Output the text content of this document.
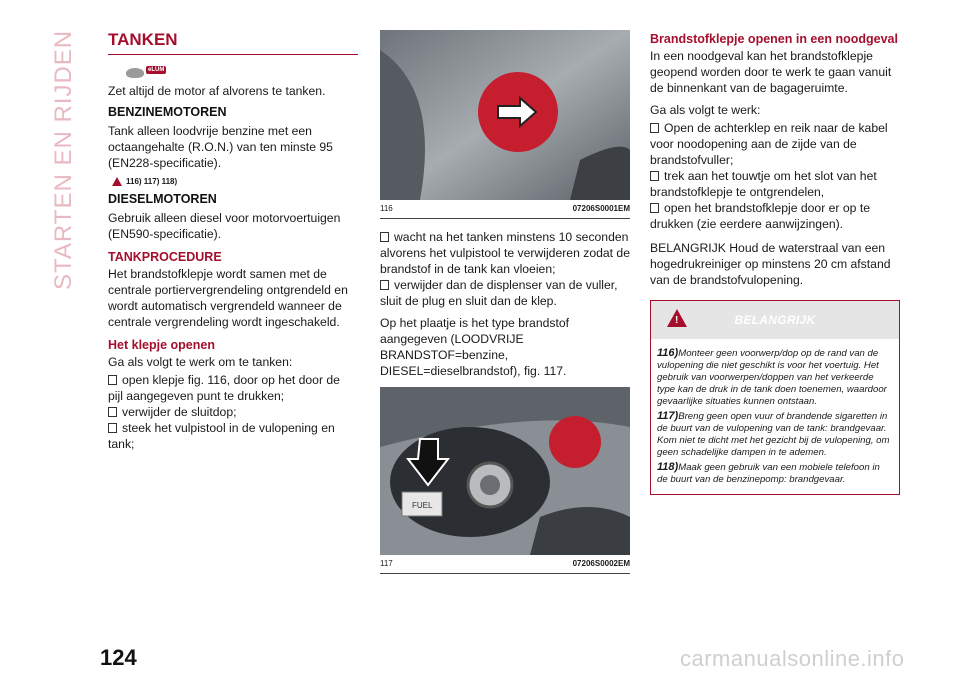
STARTEN EN RIJDEN TANKEN
eLUM

Zet altijd de motor af alvorens te tanken.

BENZINEMOTOREN

Tank alleen loodvrije benzine met een octaangehalte (R.O.N.) van ten minste 95 (EN228-specificatie).

116) 117) 118)
DIESELMOTOREN

Gebruik alleen diesel voor motorvoertuigen (EN590-specificatie).

TANKPROCEDURE

Het brandstofklepje wordt samen met de centrale portiervergrendeling ontgrendeld en wordt automatisch vergrendeld wanneer de centrale vergrendeling wordt ingeschakeld.

Het klepje openen

Ga als volgt te werk om te tanken:

open klepje fig. 116, door op het door de pijl aangegeven punt te drukken;
verwijder de sluitdop;
steek het vulpistool in de vulopening en tank;
116	07206S0001EM
wacht na het tanken minstens 10 seconden alvorens het vulpistool te verwijderen zodat de brandstof in de tank kan vloeien;
verwijder dan de displenser van de vuller, sluit de plug en sluit dan de klep.

Op het plaatje is het type brandstof aangegeven (LOODVRIJE BRANDSTOF=benzine, DIESEL=dieselbrandstof), fig. 117.

FUEL
117	07206S0002EM
Brandstofklepje openen in een noodgeval

In een noodgeval kan het brandstofklepje geopend worden door te werk te gaan vanuit de binnenkant van de bagageruimte.

Ga als volgt te werk:

Open de achterklep en reik naar de kabel voor noodopening aan de zijde van de brandstofvuller;
trek aan het touwtje om het slot van het brandstofklepje te ontgrendelen,
open het brandstofklepje door er op te drukken (zie eerdere aanwijzingen).

BELANGRIJK Houd de waterstraal van een hogedrukreiniger op minstens 20 cm afstand van de brandstofvulopening.

!	BELANGRIJK
116)Monteer geen voorwerp/dop op de rand van de vulopening die niet geschikt is voor het voertuig. Het gebruik van voorwerpen/doppen van het verkeerde type kan de druk in de tank doen toenemen, waardoor gevaarlijke situaties kunnen ontstaan.
117)Breng geen open vuur of brandende sigaretten in de buurt van de vulopening van de tank: brandgevaar. Kom niet te dicht met het gezicht bij de vulopening, om geen schadelijke dampen in te ademen.
118)Maak geen gebruik van een mobiele telefoon in de buurt van de benzinepomp: brandgevaar.
124	carmanualsonline.info
